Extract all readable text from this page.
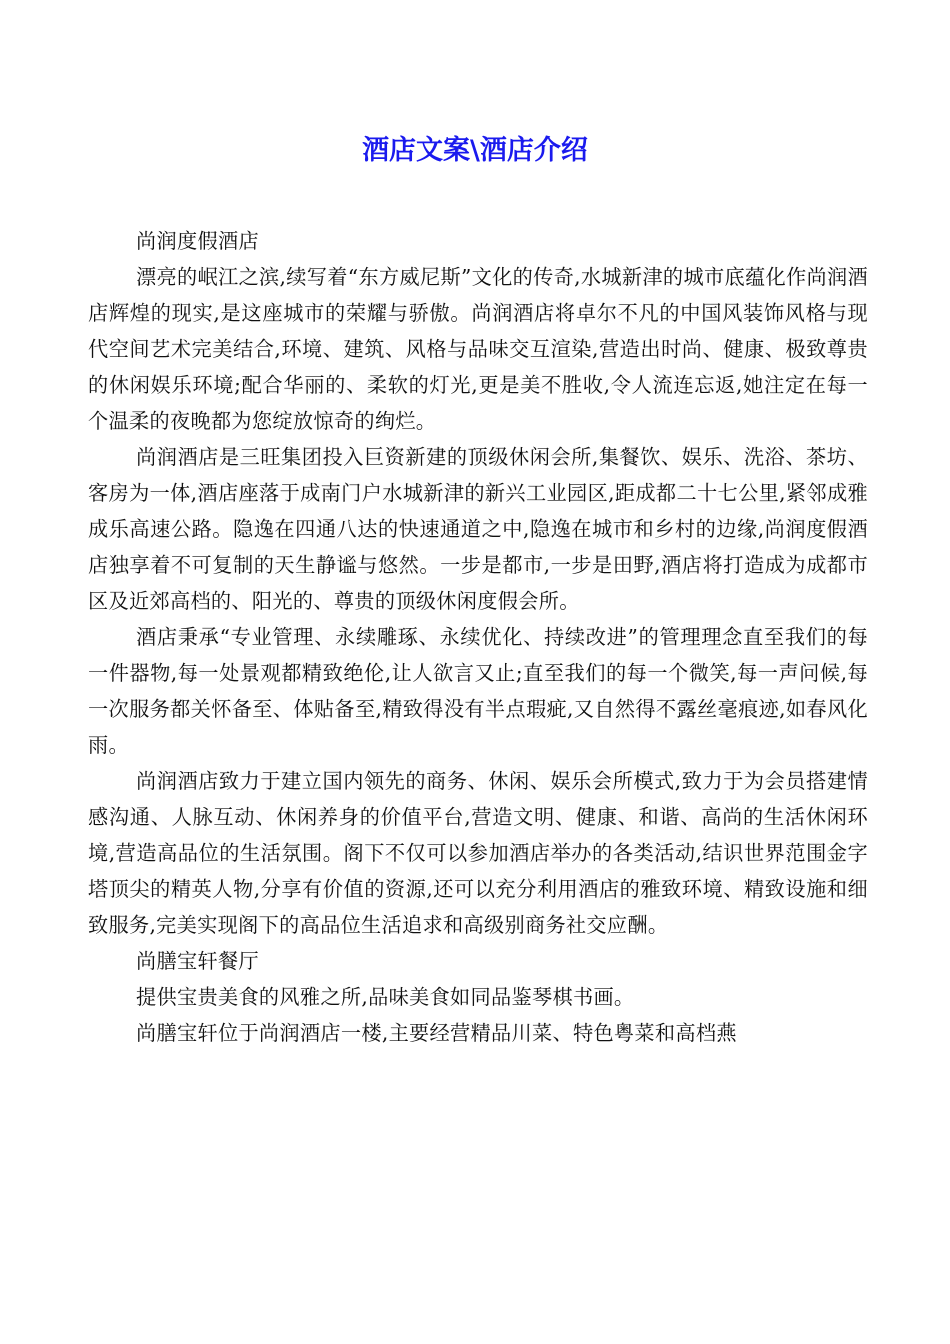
酒店文案\酒店介绍

尚润度假酒店

漂亮的岷江之滨,续写着“东方威尼斯”文化的传奇,水城新津的城市底蕴化作尚润酒店辉煌的现实,是这座城市的荣耀与骄傲。尚润酒店将卓尔不凡的中国风装饰风格与现代空间艺术完美结合,环境、建筑、风格与品味交互渲染,营造出时尚、健康、极致尊贵的休闲娱乐环境;配合华丽的、柔软的灯光,更是美不胜收,令人流连忘返,她注定在每一个温柔的夜晚都为您绽放惊奇的绚烂。

尚润酒店是三旺集团投入巨资新建的顶级休闲会所,集餐饮、娱乐、洗浴、茶坊、客房为一体,酒店座落于成南门户水城新津的新兴工业园区,距成都二十七公里,紧邻成雅成乐高速公路。隐逸在四通八达的快速通道之中,隐逸在城市和乡村的边缘,尚润度假酒店独享着不可复制的天生静谧与悠然。一步是都市,一步是田野,酒店将打造成为成都市区及近郊高档的、阳光的、尊贵的顶级休闲度假会所。

酒店秉承“专业管理、永续雕琢、永续优化、持续改进”的管理理念直至我们的每一件器物,每一处景观都精致绝伦,让人欲言又止;直至我们的每一个微笑,每一声问候,每一次服务都关怀备至、体贴备至,精致得没有半点瑕疵,又自然得不露丝毫痕迹,如春风化雨。

尚润酒店致力于建立国内领先的商务、休闲、娱乐会所模式,致力于为会员搭建情感沟通、人脉互动、休闲养身的价值平台,营造文明、健康、和谐、高尚的生活休闲环境,营造高品位的生活氛围。阁下不仅可以参加酒店举办的各类活动,结识世界范围金字塔顶尖的精英人物,分享有价值的资源,还可以充分利用酒店的雅致环境、精致设施和细致服务,完美实现阁下的高品位生活追求和高级别商务社交应酬。

尚膳宝轩餐厅

提供宝贵美食的风雅之所,品味美食如同品鉴琴棋书画。

尚膳宝轩位于尚润酒店一楼,主要经营精品川菜、特色粤菜和高档燕
